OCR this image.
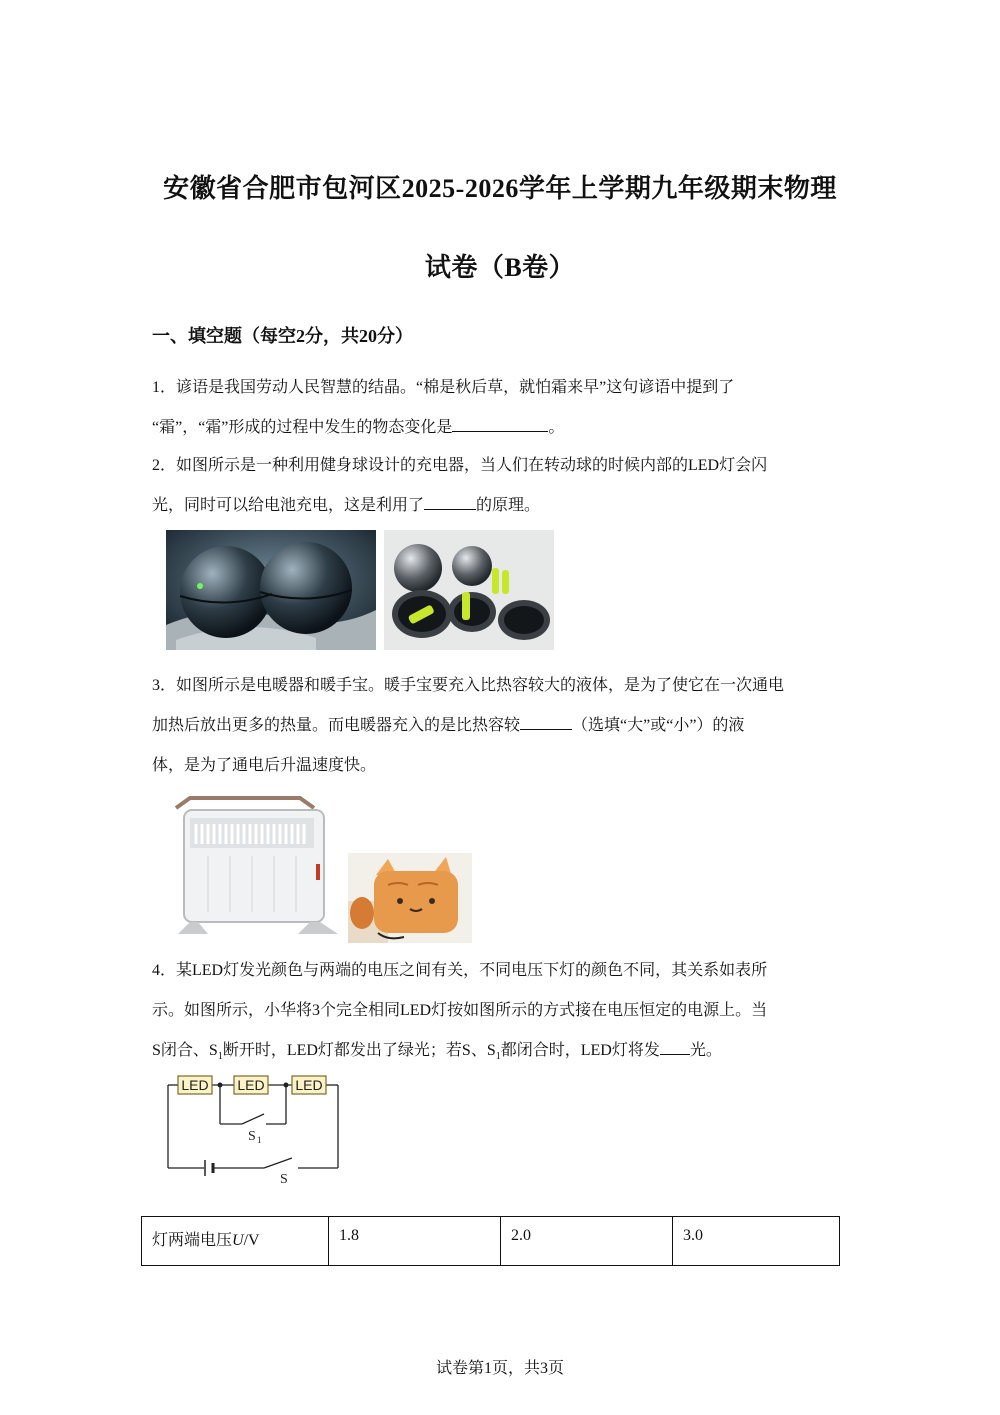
安徽省合肥市包河区2025-2026学年上学期九年级期末物理
试卷（B卷）
一、填空题（每空2分，共20分）
1．谚语是我国劳动人民智慧的结晶。“棉是秋后草，就怕霜来早”这句谚语中提到了
“霜”，“霜”形成的过程中发生的物态变化是	。
2．如图所示是一种利用健身球设计的充电器，当人们在转动球的时候内部的LED灯会闪
光，同时可以给电池充电，这是利用了	的原理。
3．如图所示是电暖器和暖手宝。暖手宝要充入比热容较大的液体，是为了使它在一次通电
加热后放出更多的热量。而电暖器充入的是比热容较	（选填“大”或“小”）的液
体，是为了通电后升温速度快。
4．某LED灯发光颜色与两端的电压之间有关，不同电压下灯的颜色不同，其关系如表所
示。如图所示，小华将3个完全相同LED灯按如图所示的方式接在电压恒定的电源上。当
S闭合、$S_1$断开时，LED灯都发出了绿光；若S、$S_1$都闭合时，LED灯将发 光。
LED LED LED
S 1
S
灯两端电压U/V	1.8	2.0	3.0
试卷第1页，共3页
